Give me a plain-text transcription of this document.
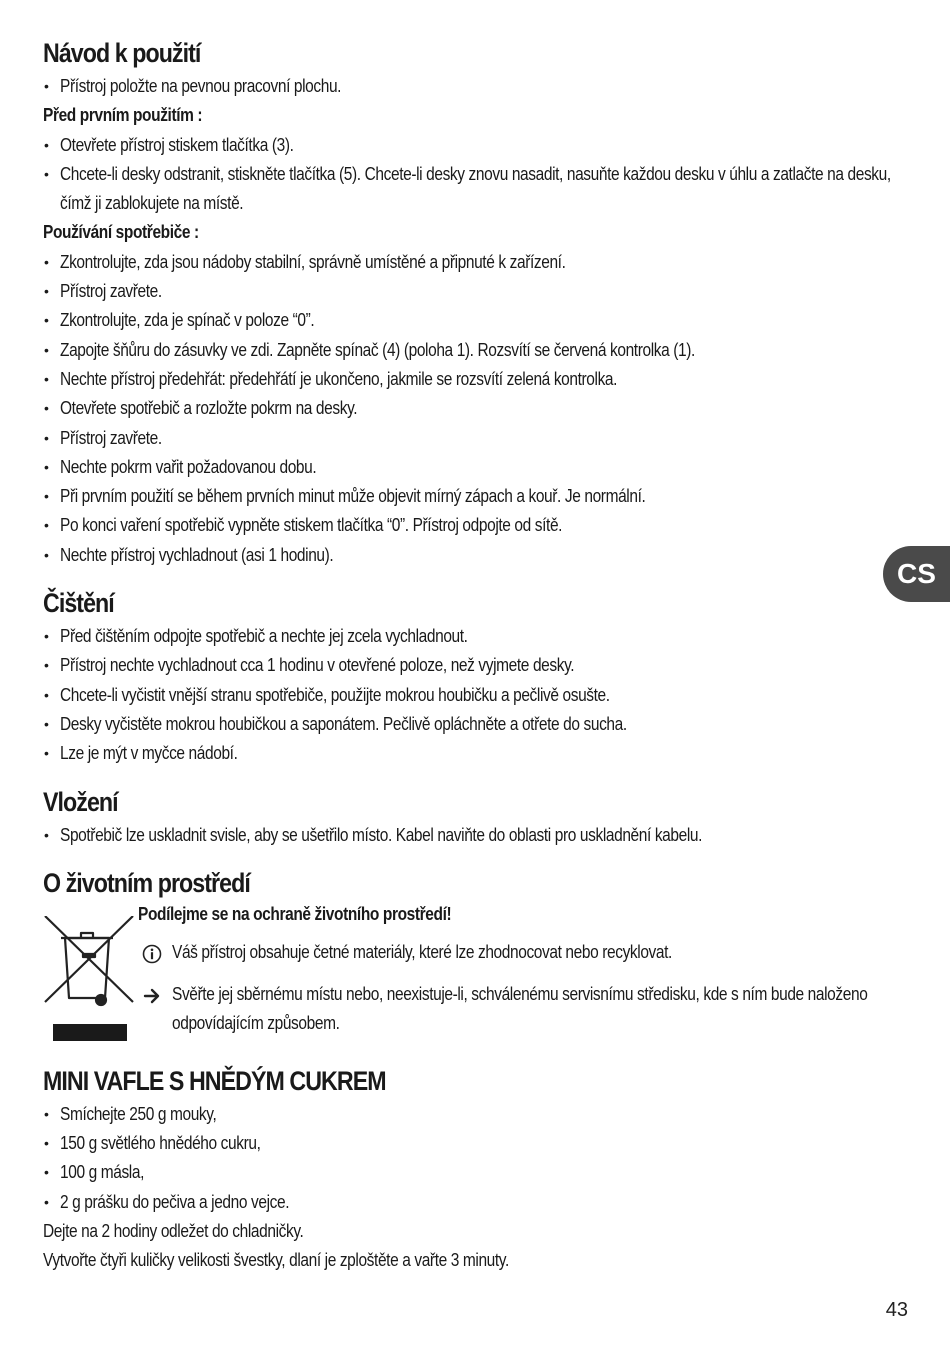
Návod k použití
• Přístroj položte na pevnou pracovní plochu.
Před prvním použitím :
• Otevřete přístroj stiskem tlačítka (3).
• Chcete-li desky odstranit, stiskněte tlačítka (5). Chcete-li desky znovu nasadit, nasuňte každou desku v úhlu a zatlačte na desku, čímž ji zablokujete na místě.
Používání spotřebiče :
• Zkontrolujte, zda jsou nádoby stabilní, správně umístěné a připnuté k zařízení.
• Přístroj zavřete.
• Zkontrolujte, zda je spínač v poloze “0”.
• Zapojte šňůru do zásuvky ve zdi. Zapněte spínač (4) (poloha 1). Rozsvítí se červená kontrolka (1).
• Nechte přístroj předehřát: předehřátí je ukončeno, jakmile se rozsvítí zelená kontrolka.
• Otevřete spotřebič a rozložte pokrm na desky.
• Přístroj zavřete.
• Nechte pokrm vařit požadovanou dobu.
• Při prvním použití se během prvních minut může objevit mírný zápach a kouř. Je normální.
• Po konci vaření spotřebič vypněte stiskem tlačítka “0”. Přístroj odpojte od sítě.
• Nechte přístroj vychladnout (asi 1 hodinu).
Čištění
• Před čištěním odpojte spotřebič a nechte jej zcela vychladnout.
• Přístroj nechte vychladnout cca 1 hodinu v otevřené poloze, než vyjmete desky.
• Chcete-li vyčistit vnější stranu spotřebiče, použijte mokrou houbičku a pečlivě osušte.
• Desky vyčistěte mokrou houbičkou a saponátem. Pečlivě opláchněte a otřete do sucha.
• Lze je mýt v myčce nádobí.
Vložení
• Spotřebič lze uskladnit svisle, aby se ušetřilo místo. Kabel naviňte do oblasti pro uskladnění kabelu.
O životním prostředí
Podílejme se na ochraně životního prostředí!
Váš přístroj obsahuje četné materiály, které lze zhodnocovat nebo recyklovat.
Svěřte jej sběrnému místu nebo, neexistuje-li, schválenému servisnímu středisku, kde s ním bude naloženo odpovídajícím způsobem.
MINI VAFLE S HNĚDÝM CUKREM
• Smíchejte 250 g mouky,
• 150 g světlého hnědého cukru,
• 100 g másla,
• 2 g prášku do pečiva a jedno vejce.

Dejte na 2 hodiny odležet do chladničky.

Vytvořte čtyři kuličky velikosti švestky, dlaní je zploštěte a vařte 3 minuty.

CS
43
